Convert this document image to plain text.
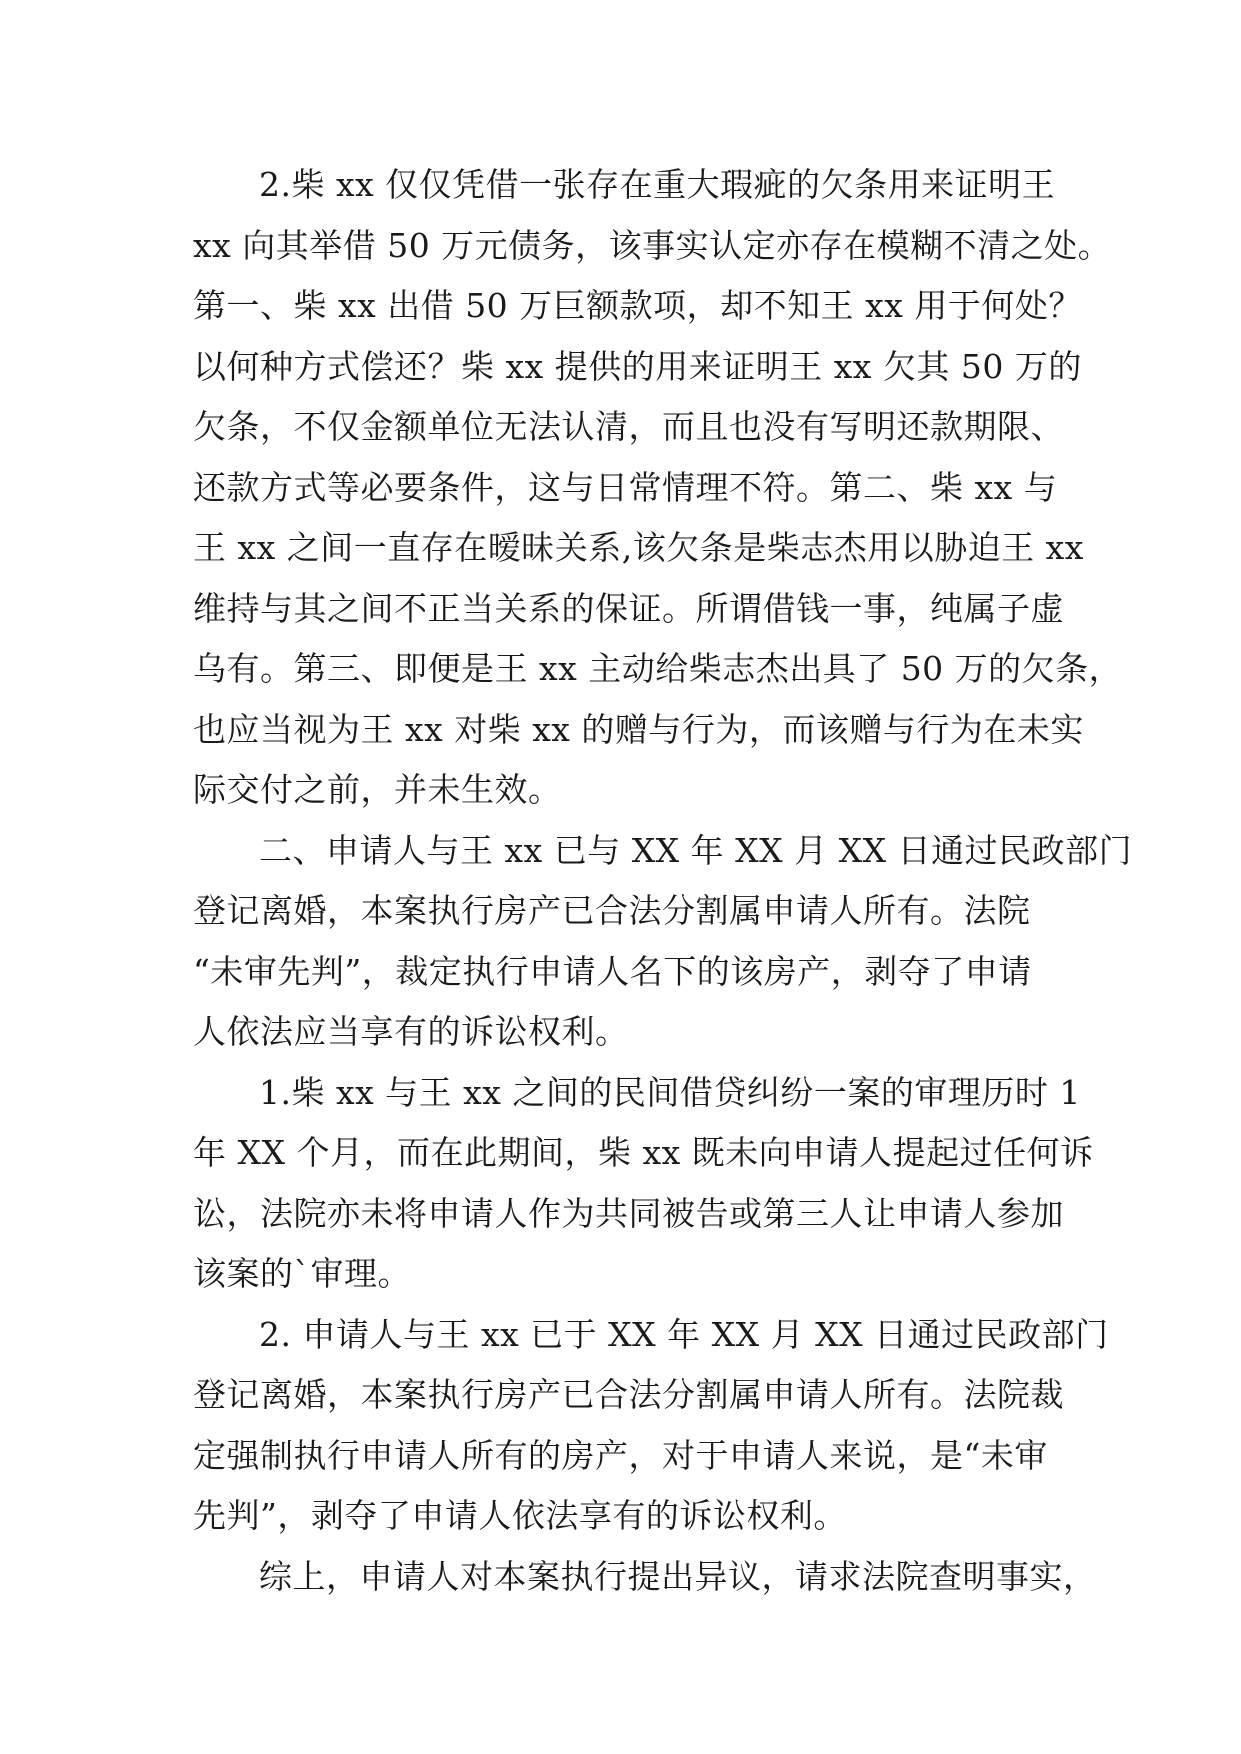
2.柴 xx 仅仅凭借一张存在重大瑕疵的欠条用来证明王
xx 向其举借 50 万元债务，该事实认定亦存在模糊不清之处。
第一、柴 xx 出借 50 万巨额款项，却不知王 xx 用于何处？
以何种方式偿还？柴 xx 提供的用来证明王 xx 欠其 50 万的
欠条，不仅金额单位无法认清，而且也没有写明还款期限、
还款方式等必要条件，这与日常情理不符。第二、柴 xx 与
王 xx 之间一直存在暧昧关系,该欠条是柴志杰用以胁迫王 xx
维持与其之间不正当关系的保证。所谓借钱一事，纯属子虚
乌有。第三、即便是王 xx 主动给柴志杰出具了 50 万的欠条，
也应当视为王 xx 对柴 xx 的赠与行为，而该赠与行为在未实
际交付之前，并未生效。
二、申请人与王 xx 已与 XX 年 XX 月 XX 日通过民政部门
登记离婚，本案执行房产已合法分割属申请人所有。法院
“未审先判”，裁定执行申请人名下的该房产，剥夺了申请
人依法应当享有的诉讼权利。
1.柴 xx 与王 xx 之间的民间借贷纠纷一案的审理历时 1
年 XX 个月，而在此期间，柴 xx 既未向申请人提起过任何诉
讼，法院亦未将申请人作为共同被告或第三人让申请人参加
该案的`审理。
2. 申请人与王 xx 已于 XX 年 XX 月 XX 日通过民政部门
登记离婚，本案执行房产已合法分割属申请人所有。法院裁
定强制执行申请人所有的房产，对于申请人来说，是“未审
先判”，剥夺了申请人依法享有的诉讼权利。
综上，申请人对本案执行提出异议，请求法院查明事实，
